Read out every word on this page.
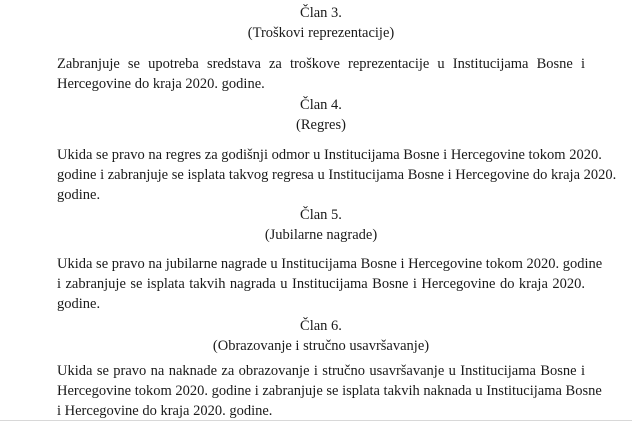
Član 3.

(Troškovi reprezentacije)

Zabranjuje se upotreba sredstava za troškove reprezentacije u Institucijama Bosne i
Hercegovine do kraja 2020. godine.

Član 4.

(Regres)

Ukida se pravo na regres za godišnji odmor u Institucijama Bosne i Hercegovine tokom 2020.
godine i zabranjuje se isplata takvog regresa u Institucijama Bosne i Hercegovine do kraja 2020.
godine.

Član 5.

(Jubilarne nagrade)

Ukida se pravo na jubilarne nagrade u Institucijama Bosne i Hercegovine tokom 2020. godine
i zabranjuje se isplata takvih nagrada u Institucijama Bosne i Hercegovine do kraja 2020.
godine.

Član 6.

(Obrazovanje i stručno usavršavanje)

Ukida se pravo na naknade za obrazovanje i stručno usavršavanje u Institucijama Bosne i
Hercegovine tokom 2020. godine i zabranjuje se isplata takvih naknada u Institucijama Bosne
i Hercegovine do kraja 2020. godine.
